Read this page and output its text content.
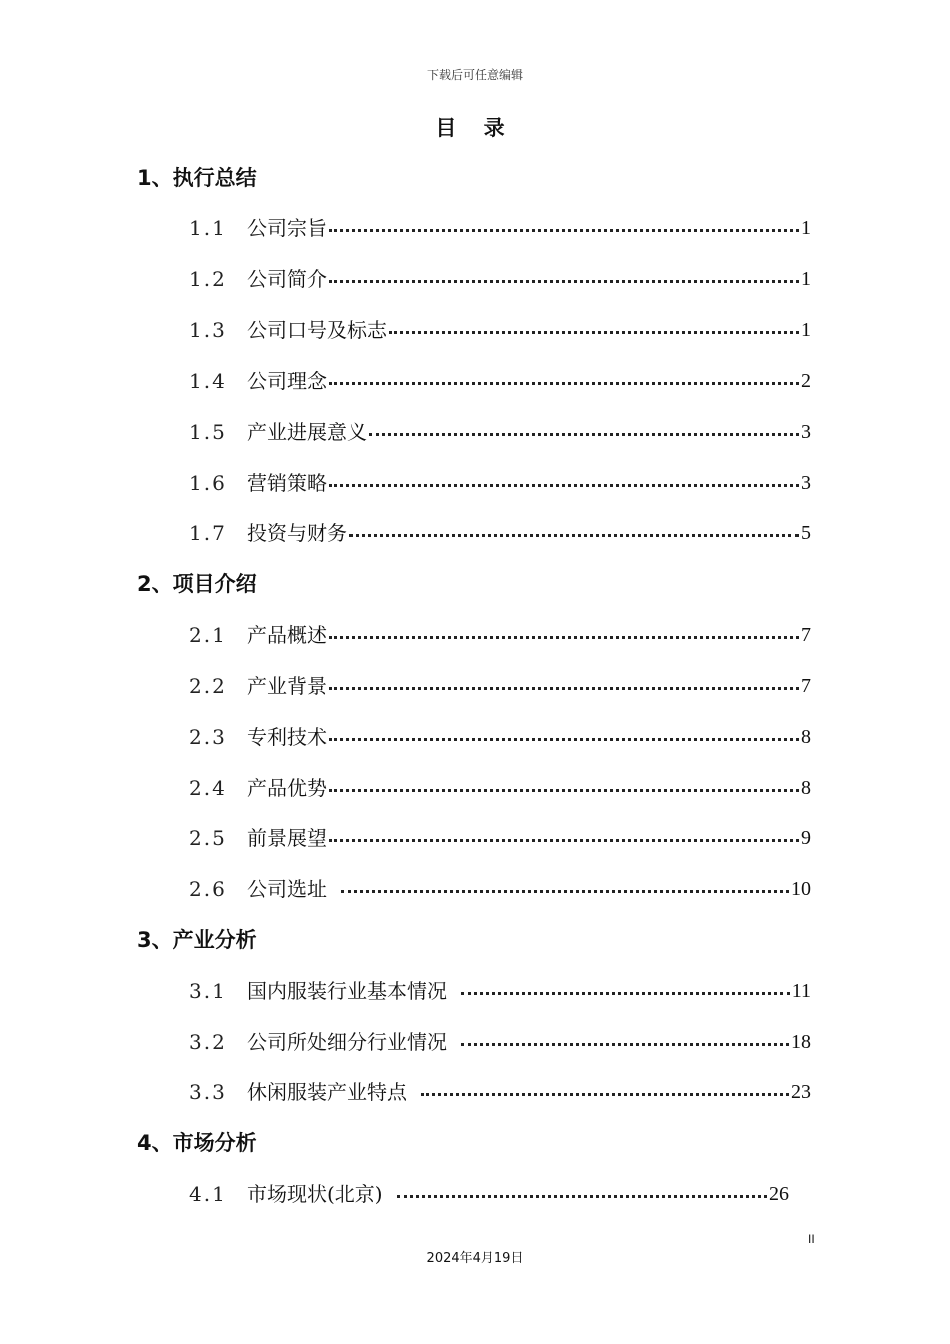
下载后可任意编辑
目 录
1、执行总结
1.1	公司宗旨	1
1.2	公司简介	1
1.3	公司口号及标志	1
1.4	公司理念	2
1.5	产业进展意义	3
1.6	营销策略	3
1.7	投资与财务	5
2、项目介绍
2.1	产品概述	7
2.2	产业背景	7
2.3	专利技术	8
2.4	产品优势	8
2.5	前景展望	9
2.6	公司选址	10
3、产业分析
3.1	国内服装行业基本情况	11
3.2	公司所处细分行业情况	18
3.3	休闲服装产业特点	23
4、市场分析
4.1	市场现状(北京)	26
II
2024年4月19日
